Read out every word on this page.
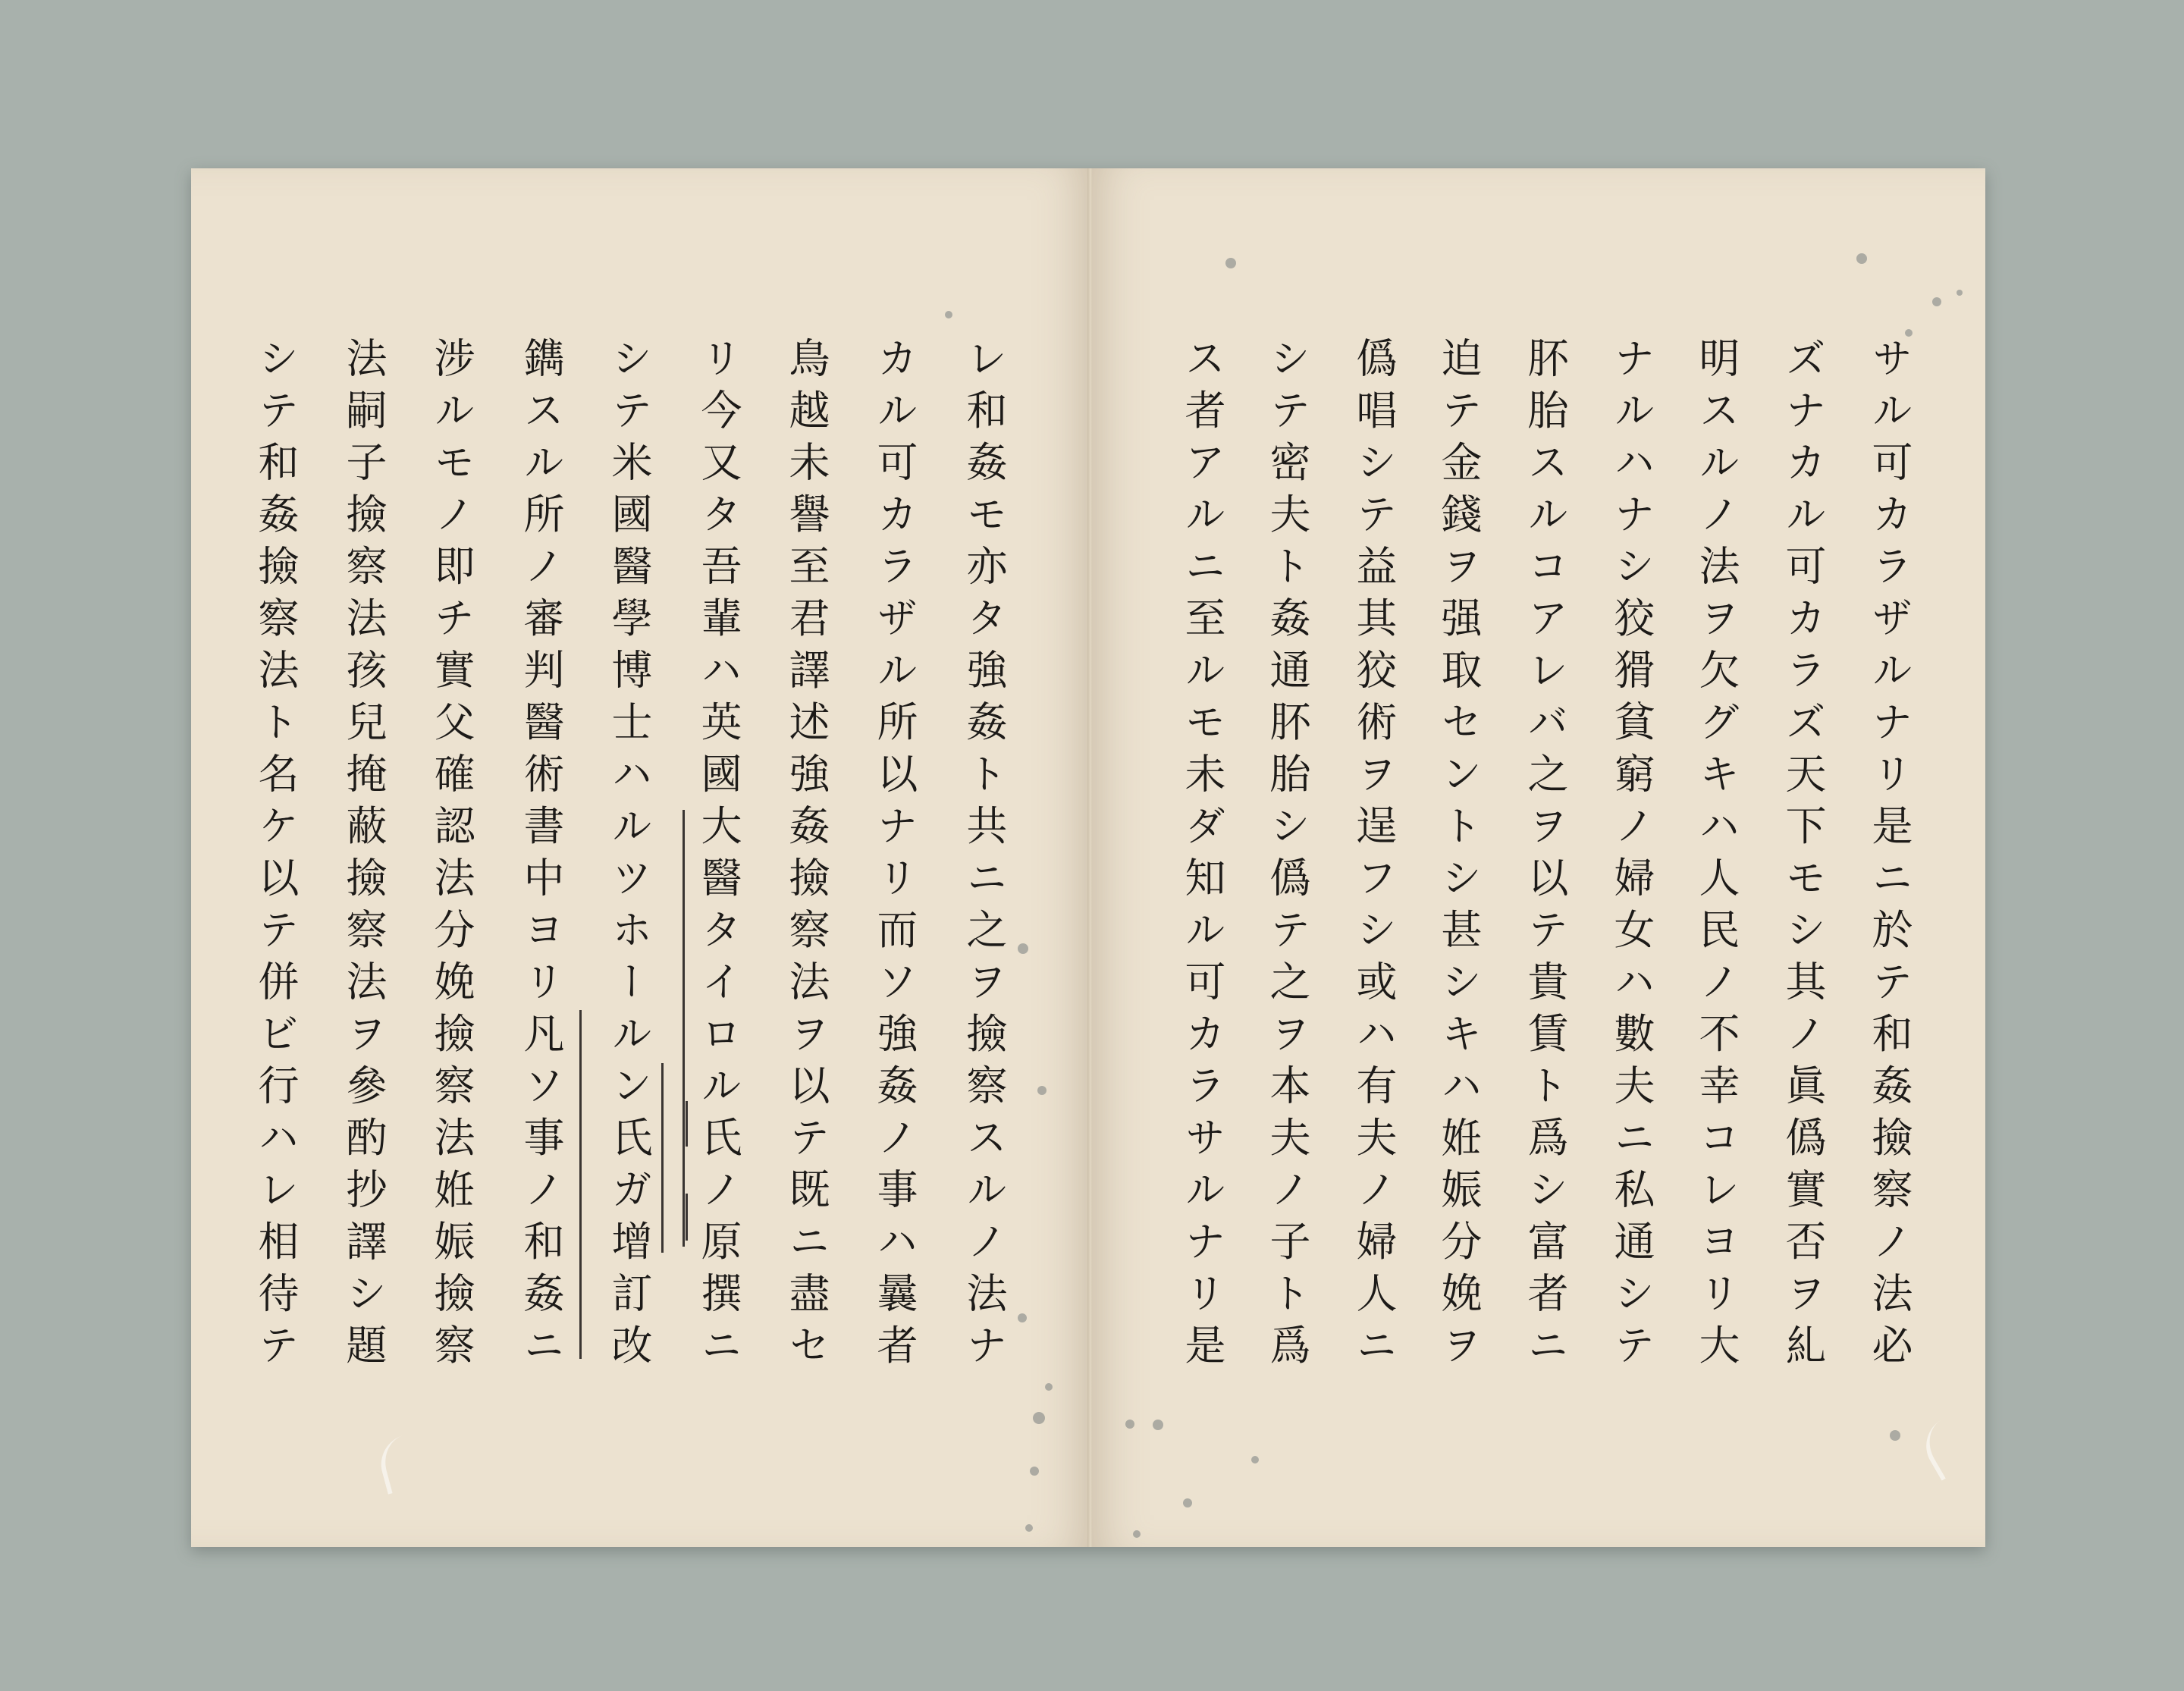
レ和姦モ亦タ強姦ト共ニ之ヲ撿察スルノ法ナ
カル可カラザル所以ナリ而ソ強姦ノ事ハ曩者
鳥越未譽至君譯述強姦撿察法ヲ以テ既ニ盡セ
リ今又タ吾輩ハ英國大醫タイロル氏ノ原撰ニ
シテ米國醫學博士ハルツホールン氏ガ增訂改
鐫スル所ノ審判醫術書中ヨリ凡ソ事ノ和姦ニ
涉ルモノ即チ實父確認法分娩撿察法姙娠撿察
法嗣子撿察法孩兒掩蔽撿察法ヲ參酌抄譯シ題
シテ和姦撿察法ト名ケ以テ併ビ行ハレ相待テ	サル可カラザルナリ是ニ於テ和姦撿察ノ法必
ズナカル可カラズ天下モシ其ノ眞僞實否ヲ糺
明スルノ法ヲ欠グキハ人民ノ不幸コレヨリ大
ナルハナシ狡猾貧窮ノ婦女ハ數夫ニ私通シテ
肧胎スルコアレバ之ヲ以テ貴賃ト爲シ富者ニ
迫テ金錢ヲ强取セントシ甚シキハ姙娠分娩ヲ
僞唱シテ益其狡術ヲ逞フシ或ハ有夫ノ婦人ニ
シテ密夫ト姦通肧胎シ僞テ之ヲ本夫ノ子ト爲
ス者アルニ至ルモ未ダ知ル可カラサルナリ是
